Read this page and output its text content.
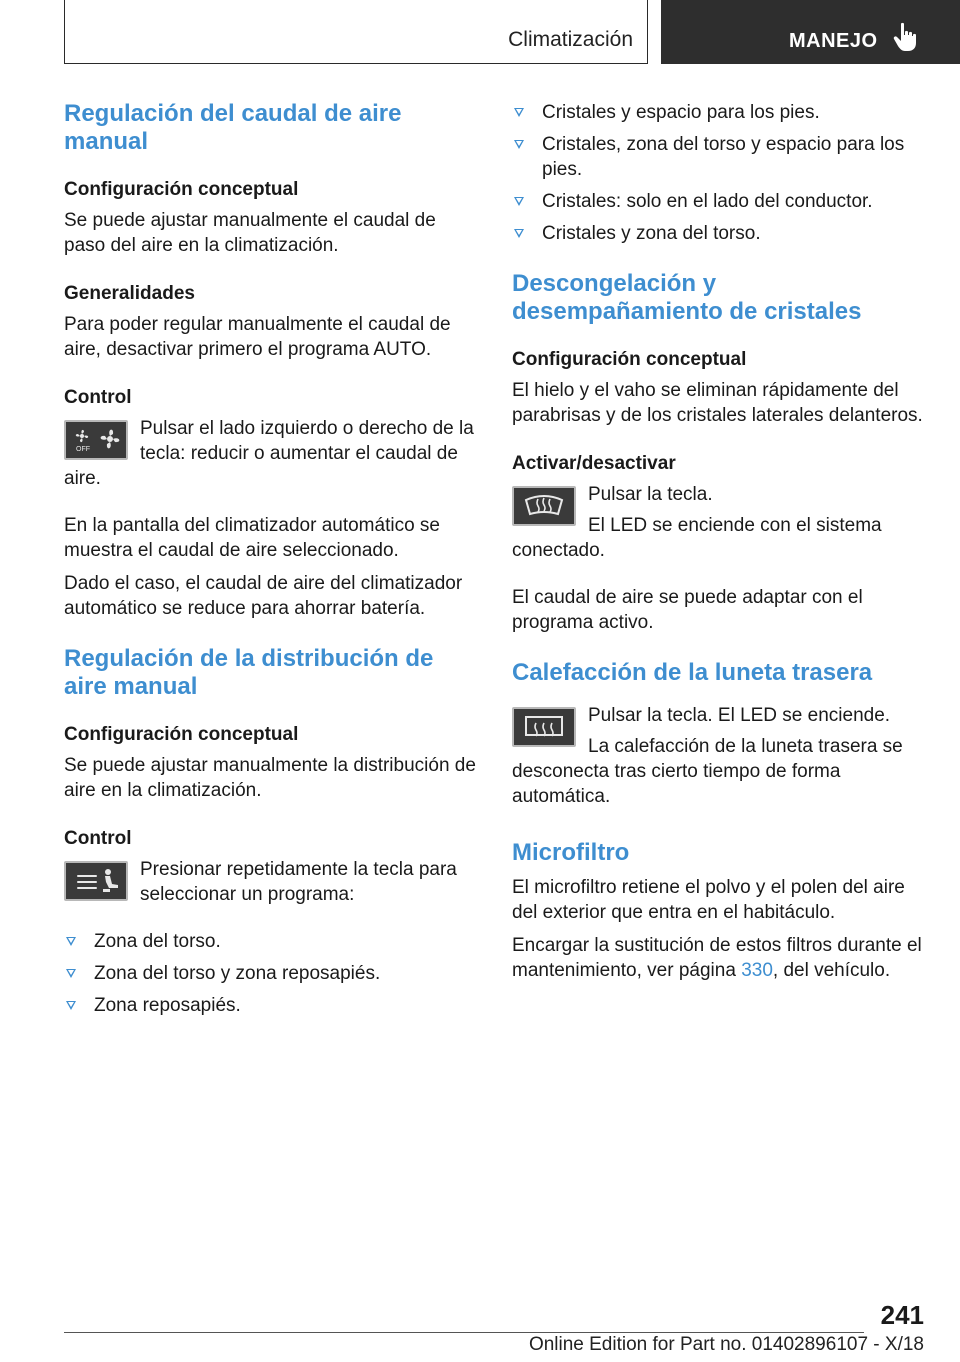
Climatización	MANEJO
Regulación del caudal de aire manual
Configuración conceptual

Se puede ajustar manualmente el caudal de paso del aire en la climatización.

Generalidades

Para poder regular manualmente el caudal de aire, desactivar primero el programa AUTO.

Control
OFF

Pulsar el lado izquierdo o derecho de la tecla: reducir o aumentar el caudal de aire.

En la pantalla del climatizador automático se muestra el caudal de aire seleccionado.

Dado el caso, el caudal de aire del climatizador automático se reduce para ahorrar batería.

Regulación de la distribución de aire manual
Configuración conceptual

Se puede ajustar manualmente la distribución de aire en la climatización.

Control

Presionar repetidamente la tecla para seleccionar un programa:

Zona del torso.
Zona del torso y zona reposapiés.
Zona reposapiés.
Cristales y espacio para los pies.
Cristales, zona del torso y espacio para los pies.
Cristales: solo en el lado del conductor.
Cristales y zona del torso.
Descongelación y desempañamiento de cristales
Configuración conceptual

El hielo y el vaho se eliminan rápidamente del parabrisas y de los cristales laterales delanteros.

Activar/desactivar

Pulsar la tecla.

El LED se enciende con el sistema conectado.

El caudal de aire se puede adaptar con el programa activo.

Calefacción de la luneta trasera

Pulsar la tecla. El LED se enciende.

La calefacción de la luneta trasera se desconecta tras cierto tiempo de forma automática.

Microfiltro

El microfiltro retiene el polvo y el polen del aire del exterior que entra en el habitáculo.

Encargar la sustitución de estos filtros durante el mantenimiento, ver página 330, del vehículo.

241
Online Edition for Part no. 01402896107 - X/18
